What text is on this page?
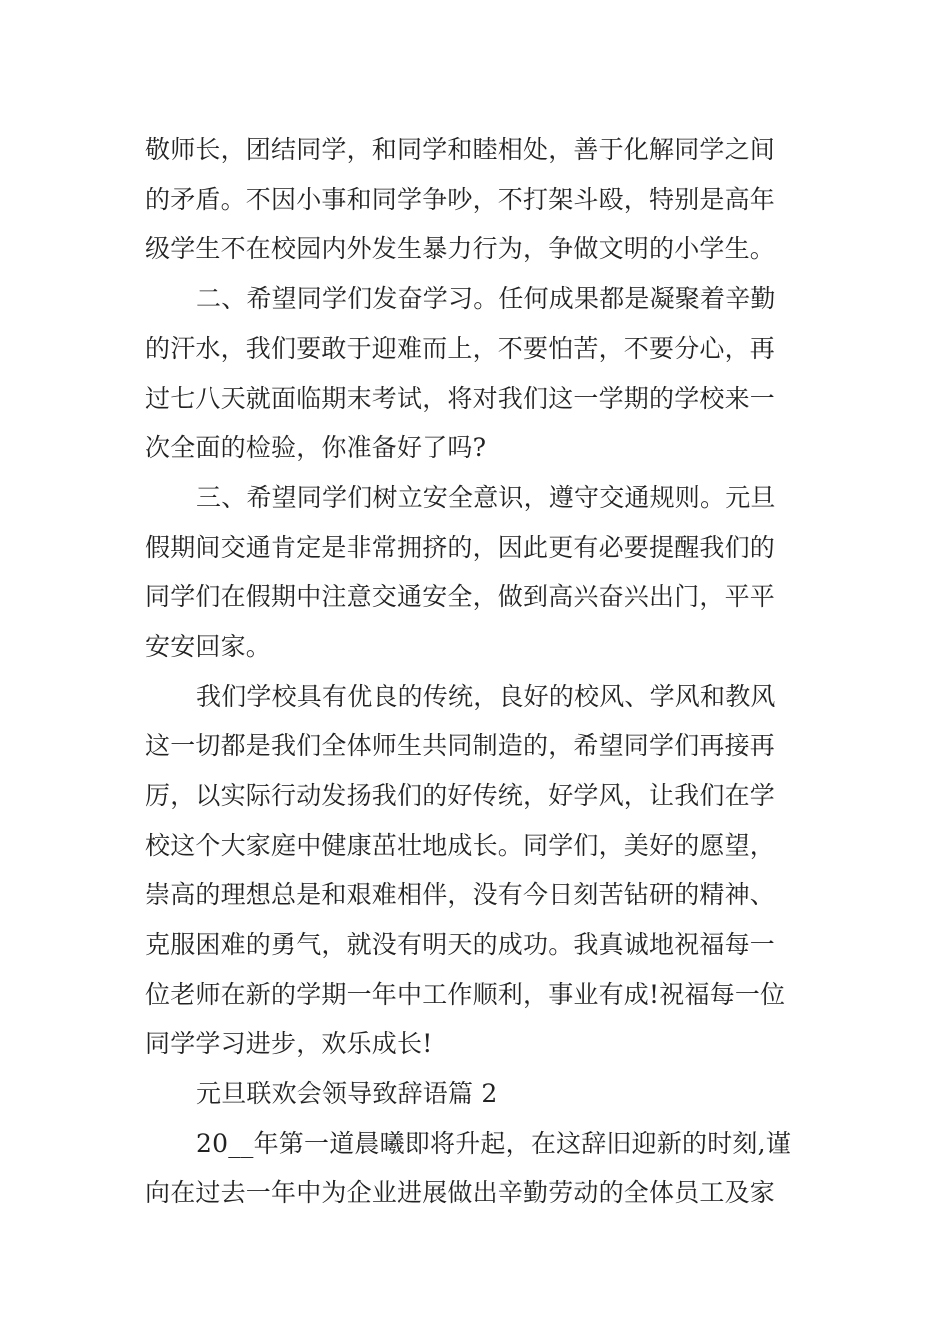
敬师长，团结同学，和同学和睦相处，善于化解同学之间
的矛盾。不因小事和同学争吵，不打架斗殴，特别是高年
级学生不在校园内外发生暴力行为，争做文明的小学生。
二、希望同学们发奋学习。任何成果都是凝聚着辛勤
的汗水，我们要敢于迎难而上，不要怕苦，不要分心，再
过七八天就面临期末考试，将对我们这一学期的学校来一
次全面的检验，你准备好了吗?
三、希望同学们树立安全意识，遵守交通规则。元旦
假期间交通肯定是非常拥挤的，因此更有必要提醒我们的
同学们在假期中注意交通安全，做到高兴奋兴出门，平平
安安回家。
我们学校具有优良的传统，良好的校风、学风和教风
这一切都是我们全体师生共同制造的，希望同学们再接再
厉，以实际行动发扬我们的好传统，好学风，让我们在学
校这个大家庭中健康茁壮地成长。同学们，美好的愿望，
崇高的理想总是和艰难相伴，没有今日刻苦钻研的精神、
克服困难的勇气，就没有明天的成功。我真诚地祝福每一
位老师在新的学期一年中工作顺利，事业有成!祝福每一位
同学学习进步，欢乐成长!
元旦联欢会领导致辞语篇 2
20__年第一道晨曦即将升起，在这辞旧迎新的时刻,谨
向在过去一年中为企业进展做出辛勤劳动的全体员工及家
